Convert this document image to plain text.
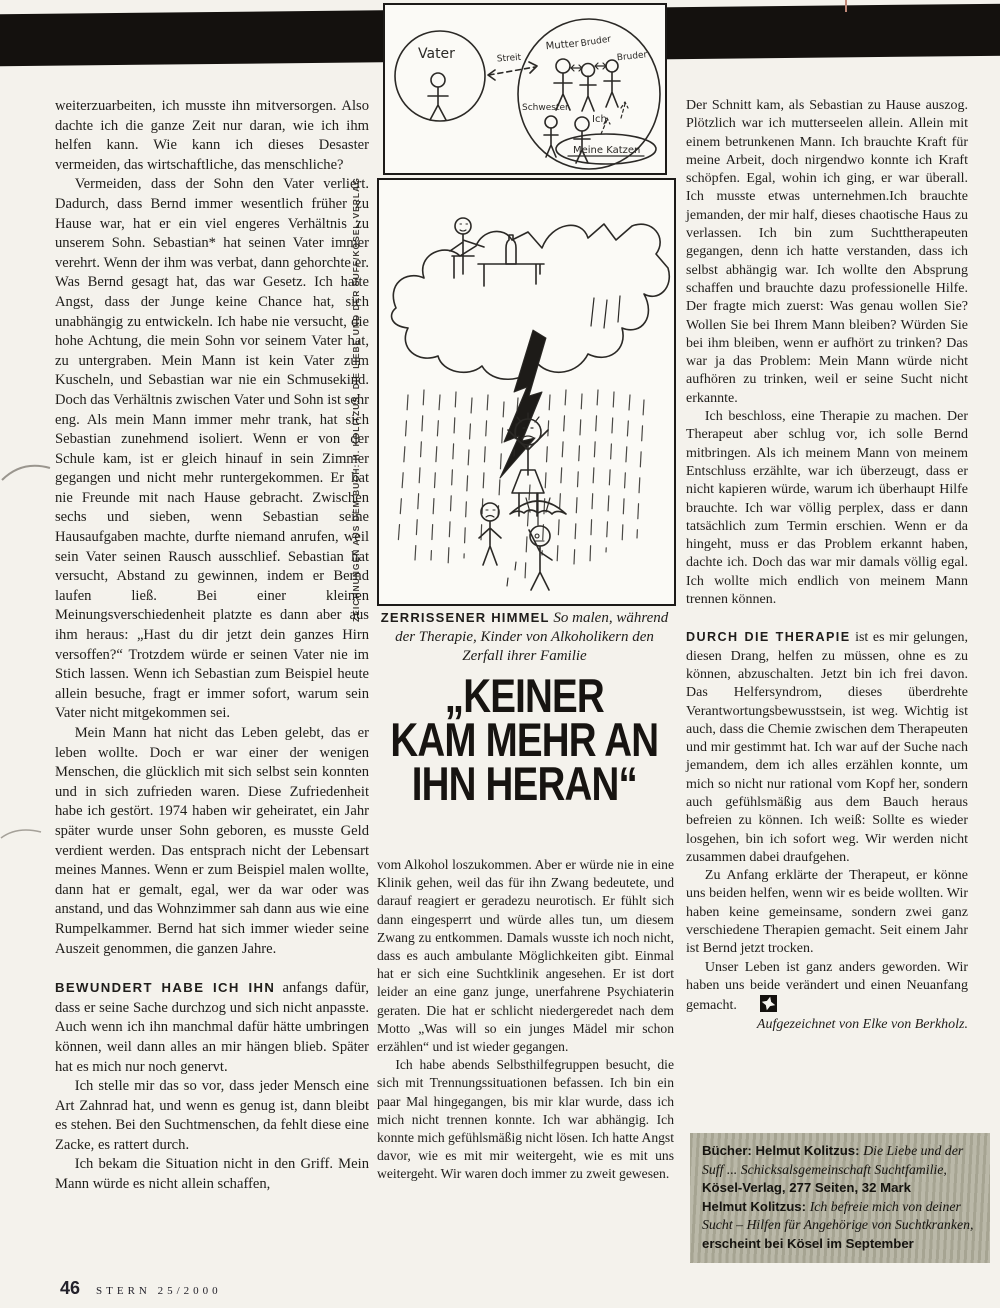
Vater	Streit
Mutter Bruder
Bruder
Schwester
Ich
Meine Katzen
ZEICHNUNGEN AUS DEM BUCH: H. KOLITZUS, DIE LIEBE UND DER SUFF/KÖSEL-VERLAG	ZERRISSENER HIMMEL So malen, während der Therapie, Kinder von Alkoholikern den Zerfall ihrer Familie
„KEINER
KAM MEHR AN
IHN HERAN“

weiterzuarbeiten, ich musste ihn mitversorgen. Also dachte ich die ganze Zeit nur daran, wie ich ihm helfen kann. Wie kann ich dieses Desaster vermeiden, das wirtschaftliche, das menschliche?

Vermeiden, dass der Sohn den Vater verliert. Dadurch, dass Bernd immer wesentlich früher zu Hause war, hat er ein viel engeres Verhältnis zu unserem Sohn. Sebastian* hat seinen Vater immer verehrt. Wenn der ihm was verbat, dann gehorchte er. Was Bernd gesagt hat, das war Gesetz. Ich hatte Angst, dass der Junge keine Chance hat, sich unabhängig zu entwickeln. Ich habe nie versucht, die hohe Achtung, die mein Sohn vor seinem Vater hat, zu untergraben. Mein Mann ist kein Vater zum Kuscheln, und Sebastian war nie ein Schmusekind. Doch das Verhältnis zwischen Vater und Sohn ist sehr eng. Als mein Mann immer mehr trank, hat sich Sebastian zunehmend isoliert. Wenn er von der Schule kam, ist er gleich hinauf in sein Zimmer gegangen und nicht mehr runtergekommen. Er hat nie Freunde mit nach Hause gebracht. Zwischen sechs und sieben, wenn Sebastian seine Hausaufgaben machte, durfte niemand anrufen, weil sein Vater seinen Rausch ausschlief. Sebastian hat versucht, Abstand zu gewinnen, indem er Bernd laufen ließ. Bei einer kleinen Meinungsverschiedenheit platzte es dann aber aus ihm heraus: „Hast du dir jetzt dein ganzes Hirn versoffen?“ Trotzdem würde er seinen Vater nie im Stich lassen. Wenn ich Sebastian zum Beispiel heute allein besuche, fragt er immer sofort, warum sein Vater nicht mitgekommen sei.

Mein Mann hat nicht das Leben gelebt, das er leben wollte. Doch er war einer der wenigen Menschen, die glücklich mit sich selbst sein konnten und in sich zufrieden waren. Diese Zufriedenheit habe ich gestört. 1974 haben wir geheiratet, ein Jahr später wurde unser Sohn geboren, es musste Geld verdient werden. Das entsprach nicht der Lebensart meines Mannes. Wenn er zum Beispiel malen wollte, dann hat er gemalt, egal, wer da war oder was anstand, und das Wohnzimmer sah dann aus wie eine Rumpelkammer. Bernd hat sich immer wieder seine Auszeit genommen, die ganzen Jahre.

BEWUNDERT HABE ICH IHN anfangs dafür, dass er seine Sache durchzog und sich nicht anpasste. Auch wenn ich ihn manchmal dafür hätte umbringen können, weil dann alles an mir hängen blieb. Später hat es mich nur noch genervt.

Ich stelle mir das so vor, dass jeder Mensch eine Art Zahnrad hat, und wenn es genug ist, dann bleibt es stehen. Bei den Suchtmenschen, da fehlt diese eine Zacke, es rattert durch.

Ich bekam die Situation nicht in den Griff. Mein Mann würde es nicht allein schaffen,

vom Alkohol loszukommen. Aber er würde nie in eine Klinik gehen, weil das für ihn Zwang bedeutete, und darauf reagiert er geradezu neurotisch. Er fühlt sich dann eingesperrt und würde alles tun, um diesem Zwang zu entkommen. Damals wusste ich noch nicht, dass es auch ambulante Möglichkeiten gibt. Einmal hat er sich eine Suchtklinik angesehen. Er ist dort leider an eine ganz junge, unerfahrene Psychiaterin geraten. Die hat er schlicht niedergeredet nach dem Motto „Was will so ein junges Mädel mir schon erzählen“ und ist wieder gegangen.

Ich habe abends Selbsthilfegruppen besucht, die sich mit Trennungssituationen befassen. Ich bin ein paar Mal hingegangen, bis mir klar wurde, dass ich mich nicht trennen konnte. Ich war abhängig. Ich konnte mich gefühlsmäßig nicht lösen. Ich hatte Angst davor, wie es mit mir weitergeht, wie es mit uns weitergeht. Wir waren doch immer zu zweit gewesen.

Der Schnitt kam, als Sebastian zu Hause auszog. Plötzlich war ich mutterseelen allein. Allein mit einem betrunkenen Mann. Ich brauchte Kraft für meine Arbeit, doch nirgendwo konnte ich Kraft schöpfen. Egal, wohin ich ging, er war überall. Ich musste etwas unternehmen.Ich brauchte jemanden, der mir half, dieses chaotische Haus zu verlassen. Ich bin zum Suchttherapeuten gegangen, denn ich hatte verstanden, dass ich selbst abhängig war. Ich wollte den Absprung schaffen und brauchte dazu professionelle Hilfe. Der fragte mich zuerst: Was genau wollen Sie? Wollen Sie bei Ihrem Mann bleiben? Würden Sie bei ihm bleiben, wenn er aufhört zu trinken? Das war ja das Problem: Mein Mann würde nicht aufhören zu trinken, weil er seine Sucht nicht erkannte.

Ich beschloss, eine Therapie zu machen. Der Therapeut aber schlug vor, ich solle Bernd mitbringen. Als ich meinem Mann von meinem Entschluss erzählte, war ich überzeugt, dass er nicht kapieren würde, warum ich überhaupt Hilfe brauchte. Ich war völlig perplex, dass er dann tatsächlich zum Termin erschien. Wenn er da hingeht, muss er das Problem erkannt haben, dachte ich. Doch das war mir damals völlig egal. Ich wollte mich endlich von meinem Mann trennen können.

DURCH DIE THERAPIE ist es mir gelungen, diesen Drang, helfen zu müssen, ohne es zu können, abzuschalten. Jetzt bin ich frei davon. Das Helfersyndrom, dieses überdrehte Verantwortungsbewusstsein, ist weg. Wichtig ist auch, dass die Chemie zwischen dem Therapeuten und mir gestimmt hat. Ich war auf der Suche nach jemandem, dem ich alles erzählen konnte, um mich so nicht nur rational vom Kopf her, sondern auch gefühlsmäßig aus dem Bauch heraus befreien zu können. Ich weiß: Sollte es wieder losgehen, bin ich sofort weg. Wir werden nicht zusammen dabei draufgehen.

Zu Anfang erklärte der Therapeut, er könne uns beiden helfen, wenn wir es beide wollten. Wir haben keine gemeinsame, sondern zwei ganz verschiedene Therapien gemacht. Seit einem Jahr ist Bernd jetzt trocken.

Unser Leben ist ganz anders geworden. Wir haben uns beide verändert und einen Neuanfang gemacht.

Aufgezeichnet von Elke von Berkholz.

Bücher: Helmut Kolitzus: Die Liebe und der Suff ... Schicksalsgemeinschaft Suchtfamilie, Kösel-Verlag, 277 Seiten, 32 Mark
Helmut Kolitzus: Ich befreie mich von deiner Sucht – Hilfen für Angehörige von Suchtkranken, erscheint bei Kösel im September
46 STERN 25/2000
